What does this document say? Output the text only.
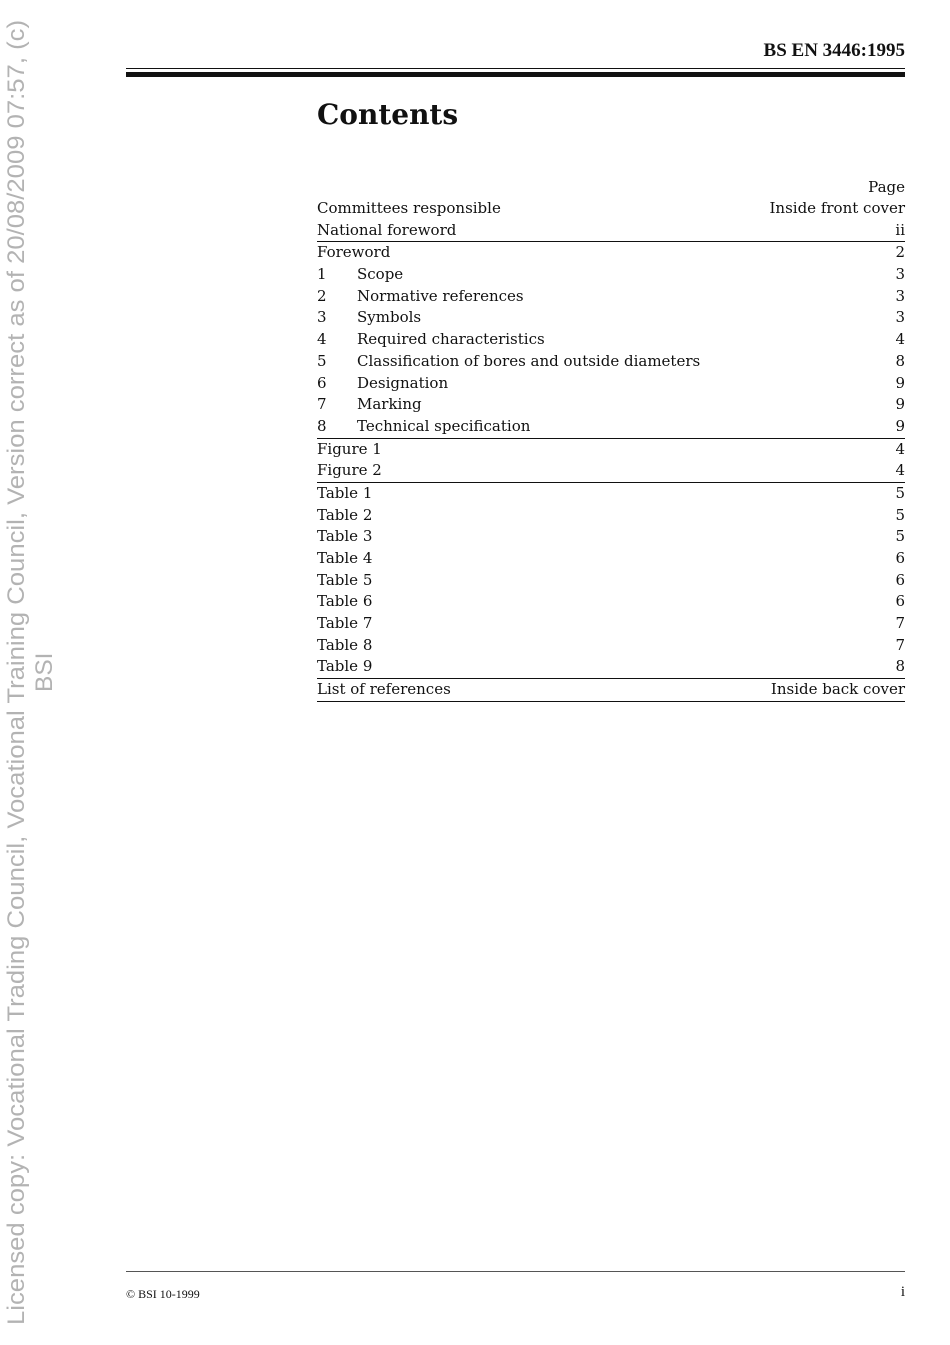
Licensed copy: Vocational Trading Council, Vocational Training Council, Version correct as of 20/08/2009 07:57, (c) BSI
BS EN 3446:1995
Contents
Page
Committees responsible	Inside front cover
National foreword	ii
Foreword	2
1	Scope	3
2	Normative references	3
3	Symbols	3
4	Required characteristics	4
5	Classification of bores and outside diameters	8
6	Designation	9
7	Marking	9
8	Technical specification	9
Figure 1	4
Figure 2	4
Table 1	5
Table 2	5
Table 3	5
Table 4	6
Table 5	6
Table 6	6
Table 7	7
Table 8	7
Table 9	8
List of references	Inside back cover
© BSI 10-1999	i
